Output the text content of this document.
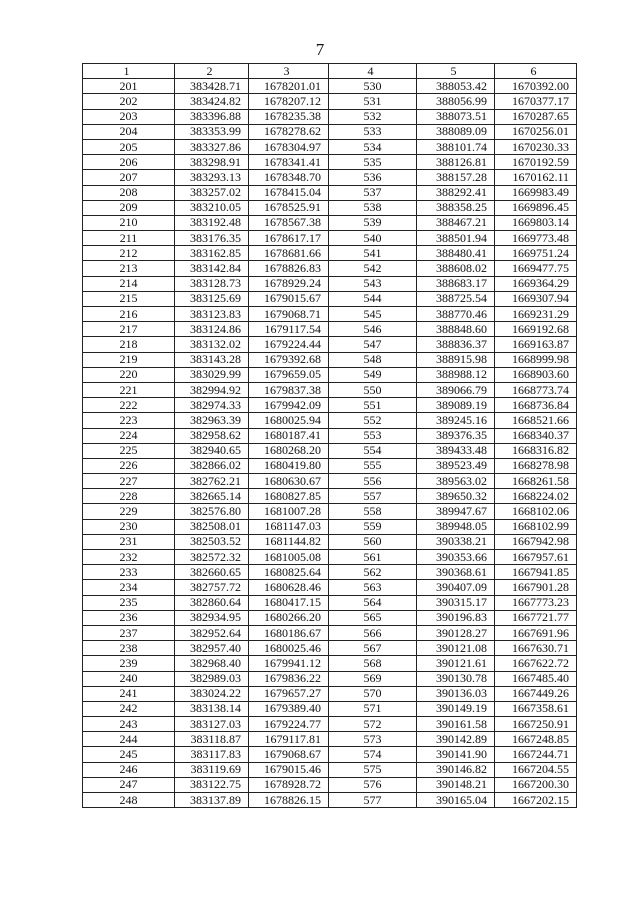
7
1	2	3	4	5	6
201	383428.71	1678201.01	530	388053.42	1670392.00
202	383424.82	1678207.12	531	388056.99	1670377.17
203	383396.88	1678235.38	532	388073.51	1670287.65
204	383353.99	1678278.62	533	388089.09	1670256.01
205	383327.86	1678304.97	534	388101.74	1670230.33
206	383298.91	1678341.41	535	388126.81	1670192.59
207	383293.13	1678348.70	536	388157.28	1670162.11
208	383257.02	1678415.04	537	388292.41	1669983.49
209	383210.05	1678525.91	538	388358.25	1669896.45
210	383192.48	1678567.38	539	388467.21	1669803.14
211	383176.35	1678617.17	540	388501.94	1669773.48
212	383162.85	1678681.66	541	388480.41	1669751.24
213	383142.84	1678826.83	542	388608.02	1669477.75
214	383128.73	1678929.24	543	388683.17	1669364.29
215	383125.69	1679015.67	544	388725.54	1669307.94
216	383123.83	1679068.71	545	388770.46	1669231.29
217	383124.86	1679117.54	546	388848.60	1669192.68
218	383132.02	1679224.44	547	388836.37	1669163.87
219	383143.28	1679392.68	548	388915.98	1668999.98
220	383029.99	1679659.05	549	388988.12	1668903.60
221	382994.92	1679837.38	550	389066.79	1668773.74
222	382974.33	1679942.09	551	389089.19	1668736.84
223	382963.39	1680025.94	552	389245.16	1668521.66
224	382958.62	1680187.41	553	389376.35	1668340.37
225	382940.65	1680268.20	554	389433.48	1668316.82
226	382866.02	1680419.80	555	389523.49	1668278.98
227	382762.21	1680630.67	556	389563.02	1668261.58
228	382665.14	1680827.85	557	389650.32	1668224.02
229	382576.80	1681007.28	558	389947.67	1668102.06
230	382508.01	1681147.03	559	389948.05	1668102.99
231	382503.52	1681144.82	560	390338.21	1667942.98
232	382572.32	1681005.08	561	390353.66	1667957.61
233	382660.65	1680825.64	562	390368.61	1667941.85
234	382757.72	1680628.46	563	390407.09	1667901.28
235	382860.64	1680417.15	564	390315.17	1667773.23
236	382934.95	1680266.20	565	390196.83	1667721.77
237	382952.64	1680186.67	566	390128.27	1667691.96
238	382957.40	1680025.46	567	390121.08	1667630.71
239	382968.40	1679941.12	568	390121.61	1667622.72
240	382989.03	1679836.22	569	390130.78	1667485.40
241	383024.22	1679657.27	570	390136.03	1667449.26
242	383138.14	1679389.40	571	390149.19	1667358.61
243	383127.03	1679224.77	572	390161.58	1667250.91
244	383118.87	1679117.81	573	390142.89	1667248.85
245	383117.83	1679068.67	574	390141.90	1667244.71
246	383119.69	1679015.46	575	390146.82	1667204.55
247	383122.75	1678928.72	576	390148.21	1667200.30
248	383137.89	1678826.15	577	390165.04	1667202.15
